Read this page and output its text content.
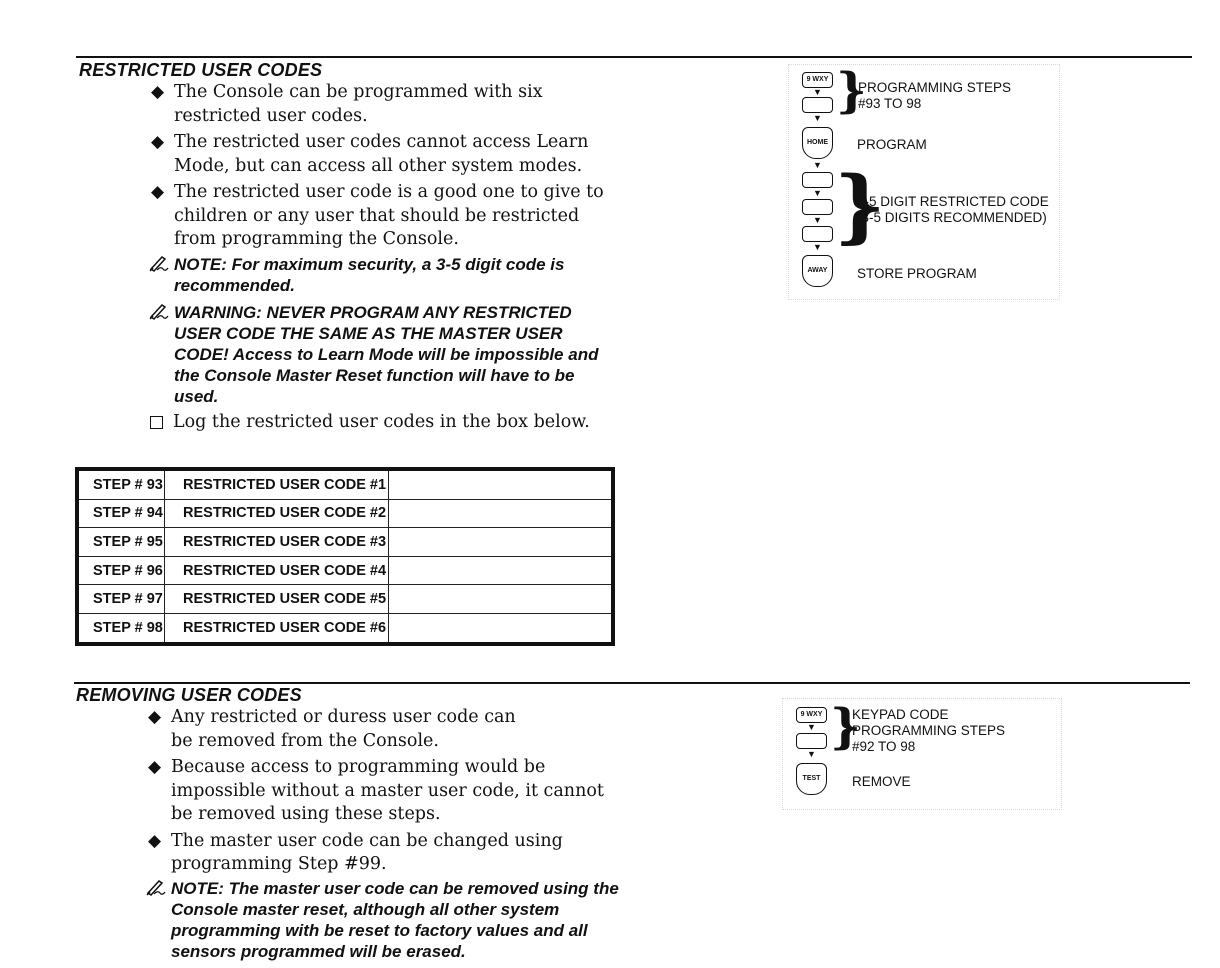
RESTRICTED USER CODES
◆ The Console can be programmed with six restricted user codes.
◆ The restricted user codes cannot access Learn Mode, but can access all other system modes.
◆ The restricted user code is a good one to give to children or any user that should be restricted from programming the Console.
NOTE: For maximum security, a 3-5 digit code is recommended.
WARNING: NEVER PROGRAM ANY RESTRICTED USER CODE THE SAME AS THE MASTER USER CODE! Access to Learn Mode will be impossible and the Console Master Reset function will have to be used.
Log the restricted user codes in the box below.
STEP # 93	RESTRICTED USER CODE #1	
STEP # 94	RESTRICTED USER CODE #2	
STEP # 95	RESTRICTED USER CODE #3	
STEP # 96	RESTRICTED USER CODE #4	
STEP # 97	RESTRICTED USER CODE #5	
STEP # 98	RESTRICTED USER CODE #6	
9 WXY
▼
▼ }
PROGRAMMING STEPS
#93 TO 98
HOME
▼
PROGRAM
▼
▼
▼ }
1-5 DIGIT RESTRICTED CODE
(3-5 DIGITS RECOMMENDED)
AWAY	STORE PROGRAM
REMOVING USER CODES
◆ Any restricted or duress user code can be removed from the Console.
◆ Because access to programming would be impossible without a master user code, it cannot be removed using these steps.
◆ The master user code can be changed using programming Step #99.
NOTE: The master user code can be removed using the Console master reset, although all other system programming with be reset to factory values and all sensors programmed will be erased.
9 WXY
▼
▼ }
KEYPAD CODE
PROGRAMMING STEPS
#92 TO 98
TEST	REMOVE
